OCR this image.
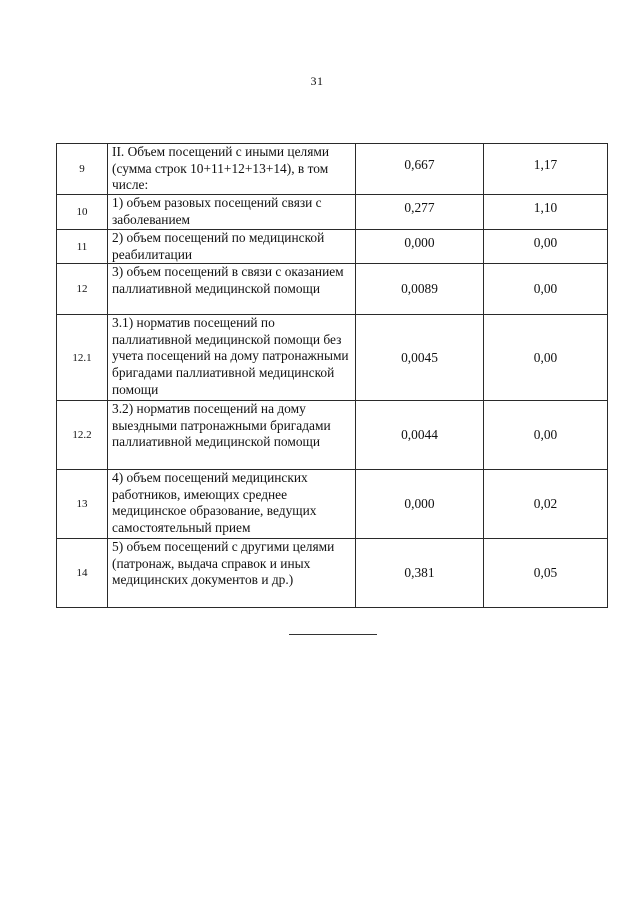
31
9	II. Объем посещений с иными целями (сумма строк 10+11+12+13+14), в том числе:	0,667	1,17
10	1) объем разовых посещений связи с заболеванием	0,277	1,10
11	2) объем посещений по медицинской реабилитации	0,000	0,00
12	3) объем посещений в связи с оказанием паллиативной медицинской помощи	0,0089	0,00
12.1	3.1) норматив посещений по паллиативной медицинской помощи без учета посещений на дому патронажными бригадами паллиативной медицинской помощи	0,0045	0,00
12.2	3.2) норматив посещений на дому выездными патронажными бригадами паллиативной медицинской помощи	0,0044	0,00
13	4) объем посещений медицинских работников, имеющих среднее медицинское образование, ведущих самостоятельный прием	0,000	0,02
14	5) объем посещений с другими целями (патронаж, выдача справок и иных медицинских документов и др.)	0,381	0,05
